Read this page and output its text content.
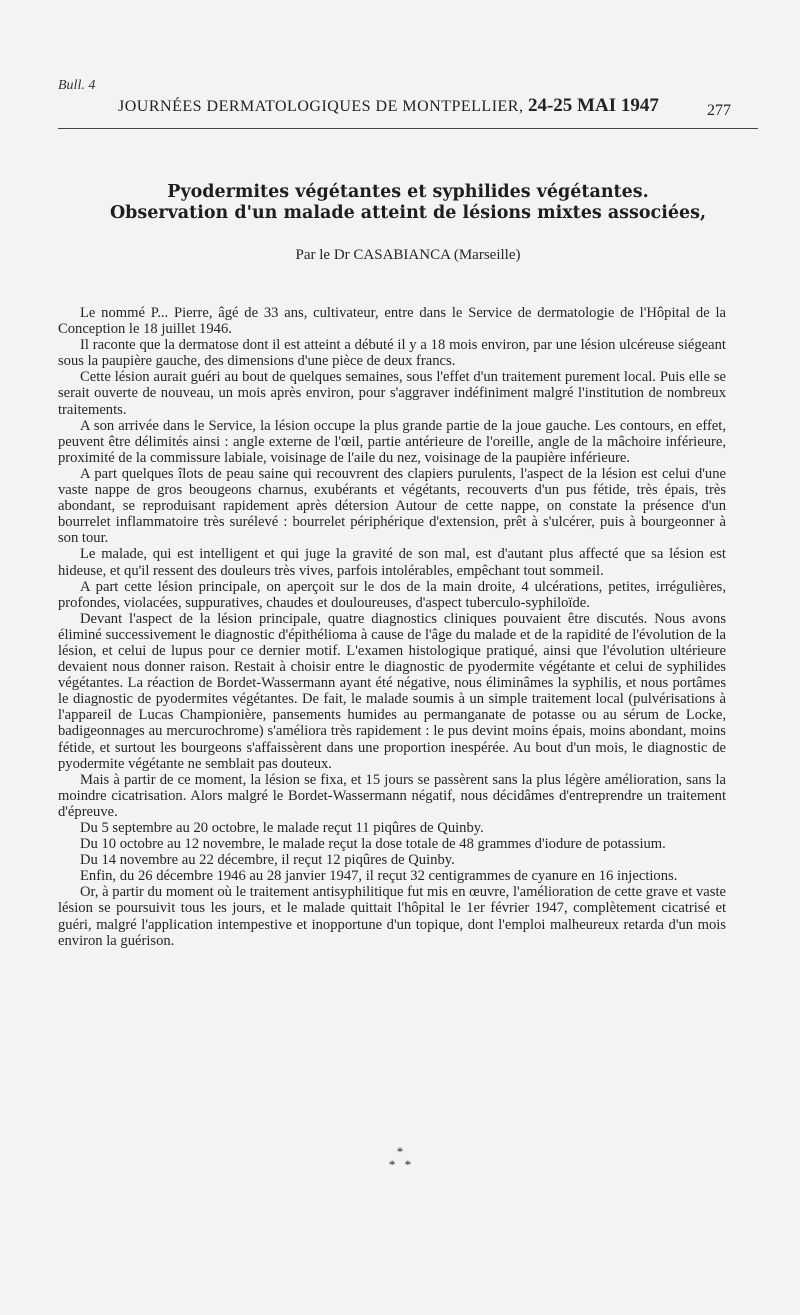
Bull. 4
JOURNÉES DERMATOLOGIQUES DE MONTPELLIER, 24-25 MAI 1947	277
Pyodermites végétantes et syphilides végétantes.
Observation d'un malade atteint de lésions mixtes associées,
Par le Dr CASABIANCA (Marseille)

Le nommé P... Pierre, âgé de 33 ans, cultivateur, entre dans le Service de dermatologie de l'Hôpital de la Conception le 18 juillet 1946.

Il raconte que la dermatose dont il est atteint a débuté il y a 18 mois environ, par une lésion ulcéreuse siégeant sous la paupière gauche, des dimensions d'une pièce de deux francs.

Cette lésion aurait guéri au bout de quelques semaines, sous l'effet d'un traitement purement local. Puis elle se serait ouverte de nouveau, un mois après environ, pour s'aggraver indéfiniment malgré l'institution de nombreux traitements.

A son arrivée dans le Service, la lésion occupe la plus grande partie de la joue gauche. Les contours, en effet, peuvent être délimités ainsi : angle externe de l'œil, partie antérieure de l'oreille, angle de la mâchoire inférieure, proximité de la commissure labiale, voisinage de l'aile du nez, voisinage de la paupière inférieure.

A part quelques îlots de peau saine qui recouvrent des clapiers purulents, l'aspect de la lésion est celui d'une vaste nappe de gros beougeons charnus, exubérants et végétants, recouverts d'un pus fétide, très épais, très abondant, se reproduisant rapidement après détersion Autour de cette nappe, on constate la présence d'un bourrelet inflammatoire très surélevé : bourrelet périphérique d'extension, prêt à s'ulcérer, puis à bourgeonner à son tour.

Le malade, qui est intelligent et qui juge la gravité de son mal, est d'autant plus affecté que sa lésion est hideuse, et qu'il ressent des douleurs très vives, parfois intolérables, empêchant tout sommeil.

A part cette lésion principale, on aperçoit sur le dos de la main droite, 4 ulcérations, petites, irrégulières, profondes, violacées, suppuratives, chaudes et douloureuses, d'aspect tuberculo-syphiloïde.

Devant l'aspect de la lésion principale, quatre diagnostics cliniques pouvaient être discutés. Nous avons éliminé successivement le diagnostic d'épithélioma à cause de l'âge du malade et de la rapidité de l'évolution de la lésion, et celui de lupus pour ce dernier motif. L'examen histologique pratiqué, ainsi que l'évolution ultérieure devaient nous donner raison. Restait à choisir entre le diagnostic de pyodermite végétante et celui de syphilides végétantes. La réaction de Bordet-Wassermann ayant été négative, nous éliminâmes la syphilis, et nous portâmes le diagnostic de pyodermites végétantes. De fait, le malade soumis à un simple traitement local (pulvérisations à l'appareil de Lucas Championière, pansements humides au permanganate de potasse ou au sérum de Locke, badigeonnages au mercurochrome) s'améliora très rapidement : le pus devint moins épais, moins abondant, moins fétide, et surtout les bourgeons s'affaissèrent dans une proportion inespérée. Au bout d'un mois, le diagnostic de pyodermite végétante ne semblait pas douteux.

Mais à partir de ce moment, la lésion se fixa, et 15 jours se passèrent sans la plus légère amélioration, sans la moindre cicatrisation. Alors malgré le Bordet-Wassermann négatif, nous décidâmes d'entreprendre un traitement d'épreuve.

Du 5 septembre au 20 octobre, le malade reçut 11 piqûres de Quinby.

Du 10 octobre au 12 novembre, le malade reçut la dose totale de 48 grammes d'iodure de potassium.

Du 14 novembre au 22 décembre, il reçut 12 piqûres de Quinby.

Enfin, du 26 décembre 1946 au 28 janvier 1947, il reçut 32 centigrammes de cyanure en 16 injections.

Or, à partir du moment où le traitement antisyphilitique fut mis en œuvre, l'amélioration de cette grave et vaste lésion se poursuivit tous les jours, et le malade quittait l'hôpital le 1er février 1947, complètement cicatrisé et guéri, malgré l'application intempestive et inopportune d'un topique, dont l'emploi malheureux retarda d'un mois environ la guérison.

*
* *
